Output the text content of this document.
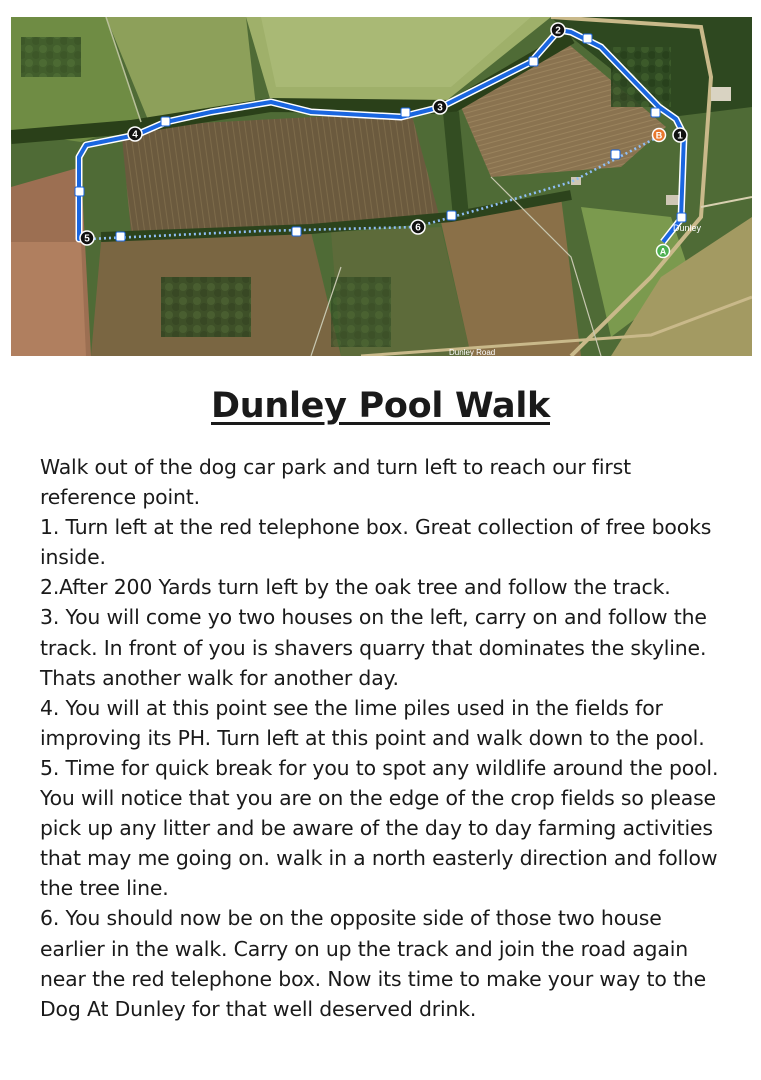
Dunley
Dunley Road
A
B 1
2
3
4
5
6
Dunley Pool Walk

Walk out of the dog car park and turn left to reach our first reference point.

1. Turn left at the red telephone box. Great collection of free books inside.

2.After 200 Yards turn left by the oak tree and follow the track.

3. You will come yo two houses on the left, carry on and follow the track. In front of you is shavers quarry that dominates the skyline. Thats another walk for another day.

4. You will at this point see the lime piles used in the fields for improving its PH. Turn left at this point and walk down to the pool.

5. Time for quick break for you to spot any wildlife around the pool. You will notice that you are on the edge of the crop fields so please pick up any litter and be aware of the day to day farming activities that may me going on. walk in a north easterly direction and follow the tree line.

6. You should now be on the opposite side of those two house earlier in the walk. Carry on up the track and join the road again near the red telephone box. Now its time to make your way to the Dog At Dunley for that well deserved drink.
